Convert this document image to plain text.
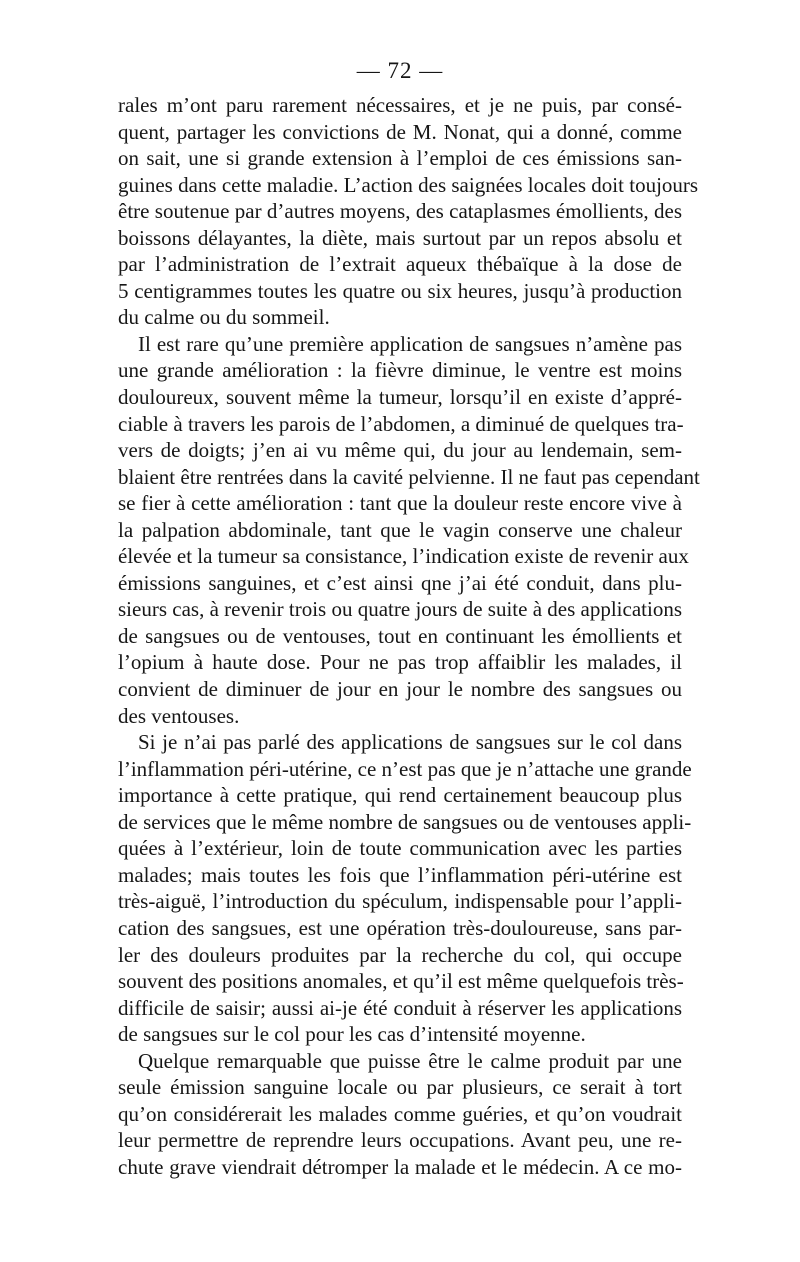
— 72 —
rales m’ont paru rarement nécessaires, et je ne puis, par consé-
quent, partager les convictions de M. Nonat, qui a donné, comme
on sait, une si grande extension à l’emploi de ces émissions san-
guines dans cette maladie. L’action des saignées locales doit toujours
être soutenue par d’autres moyens, des cataplasmes émollients, des
boissons délayantes, la diète, mais surtout par un repos absolu et
par l’administration de l’extrait aqueux thébaïque à la dose de
5 centigrammes toutes les quatre ou six heures, jusqu’à production
du calme ou du sommeil.
Il est rare qu’une première application de sangsues n’amène pas
une grande amélioration : la fièvre diminue, le ventre est moins
douloureux, souvent même la tumeur, lorsqu’il en existe d’appré-
ciable à travers les parois de l’abdomen, a diminué de quelques tra-
vers de doigts; j’en ai vu même qui, du jour au lendemain, sem-
blaient être rentrées dans la cavité pelvienne. Il ne faut pas cependant
se fier à cette amélioration : tant que la douleur reste encore vive à
la palpation abdominale, tant que le vagin conserve une chaleur
élevée et la tumeur sa consistance, l’indication existe de revenir aux
émissions sanguines, et c’est ainsi qne j’ai été conduit, dans plu-
sieurs cas, à revenir trois ou quatre jours de suite à des applications
de sangsues ou de ventouses, tout en continuant les émollients et
l’opium à haute dose. Pour ne pas trop affaiblir les malades, il
convient de diminuer de jour en jour le nombre des sangsues ou
des ventouses.
Si je n’ai pas parlé des applications de sangsues sur le col dans
l’inflammation péri-utérine, ce n’est pas que je n’attache une grande
importance à cette pratique, qui rend certainement beaucoup plus
de services que le même nombre de sangsues ou de ventouses appli-
quées à l’extérieur, loin de toute communication avec les parties
malades; mais toutes les fois que l’inflammation péri-utérine est
très-aiguë, l’introduction du spéculum, indispensable pour l’appli-
cation des sangsues, est une opération très-douloureuse, sans par-
ler des douleurs produites par la recherche du col, qui occupe
souvent des positions anomales, et qu’il est même quelquefois très-
difficile de saisir; aussi ai-je été conduit à réserver les applications
de sangsues sur le col pour les cas d’intensité moyenne.
Quelque remarquable que puisse être le calme produit par une
seule émission sanguine locale ou par plusieurs, ce serait à tort
qu’on considérerait les malades comme guéries, et qu’on voudrait
leur permettre de reprendre leurs occupations. Avant peu, une re-
chute grave viendrait détromper la malade et le médecin. A ce mo-
